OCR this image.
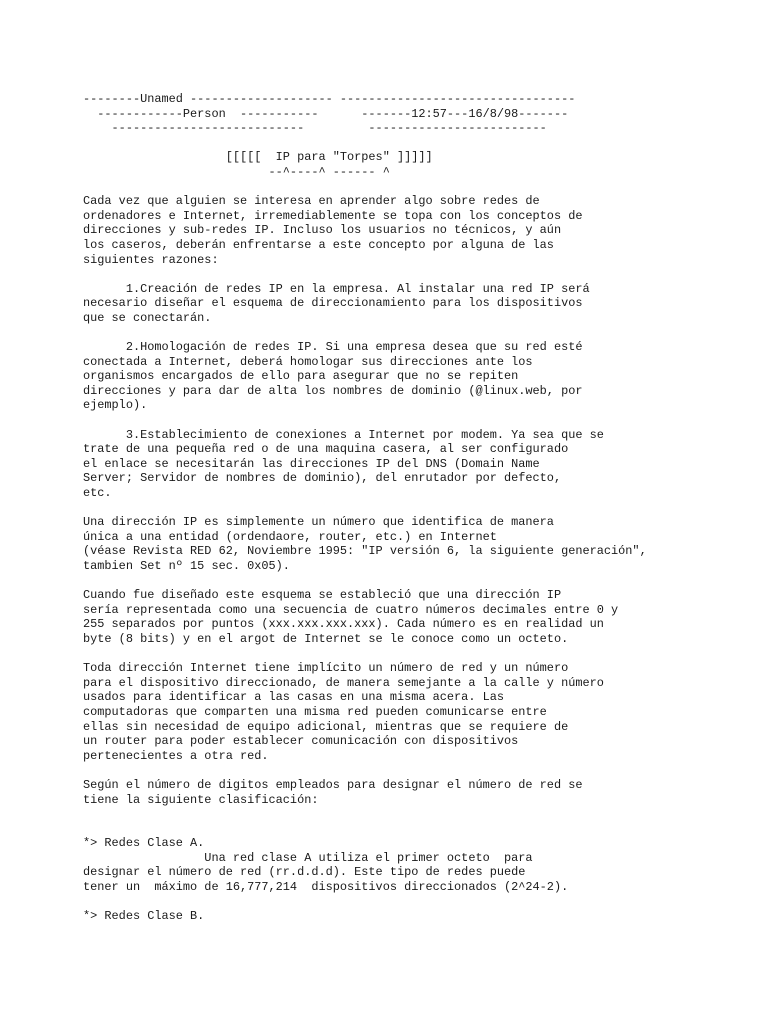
--------Unamed -------------------- ---------------------------------
------------Person  -----------      -------12:57---16/8/98-------
---------------------------         -------------------------
[[[[[  IP para "Torpes" ]]]]]
--^----^ ------ ^
Cada vez que alguien se interesa en aprender algo sobre redes de
ordenadores e Internet, irremediablemente se topa con los conceptos de
direcciones y sub-redes IP. Incluso los usuarios no técnicos, y aún
los caseros, deberán enfrentarse a este concepto por alguna de las
siguientes razones:
1.Creación de redes IP en la empresa. Al instalar una red IP será
necesario diseñar el esquema de direccionamiento para los dispositivos
que se conectarán.
2.Homologación de redes IP. Si una empresa desea que su red esté
conectada a Internet, deberá homologar sus direcciones ante los
organismos encargados de ello para asegurar que no se repiten
direcciones y para dar de alta los nombres de dominio (@linux.web, por
ejemplo).
3.Establecimiento de conexiones a Internet por modem. Ya sea que se
trate de una pequeña red o de una maquina casera, al ser configurado
el enlace se necesitarán las direcciones IP del DNS (Domain Name
Server; Servidor de nombres de dominio), del enrutador por defecto,
etc.
Una dirección IP es simplemente un número que identifica de manera
única a una entidad (ordendaore, router, etc.) en Internet
(véase Revista RED 62, Noviembre 1995: "IP versión 6, la siguiente generación",
tambien Set nº 15 sec. 0x05).
Cuando fue diseñado este esquema se estableció que una dirección IP
sería representada como una secuencia de cuatro números decimales entre 0 y
255 separados por puntos (xxx.xxx.xxx.xxx). Cada número es en realidad un
byte (8 bits) y en el argot de Internet se le conoce como un octeto.
Toda dirección Internet tiene implícito un número de red y un número
para el dispositivo direccionado, de manera semejante a la calle y número
usados para identificar a las casas en una misma acera. Las
computadoras que comparten una misma red pueden comunicarse entre
ellas sin necesidad de equipo adicional, mientras que se requiere de
un router para poder establecer comunicación con dispositivos
pertenecientes a otra red.
Según el número de digitos empleados para designar el número de red se
tiene la siguiente clasificación:
*> Redes Clase A.
Una red clase A utiliza el primer octeto  para
designar el número de red (rr.d.d.d). Este tipo de redes puede
tener un  máximo de 16,777,214  dispositivos direccionados (2^24-2).
*> Redes Clase B.
